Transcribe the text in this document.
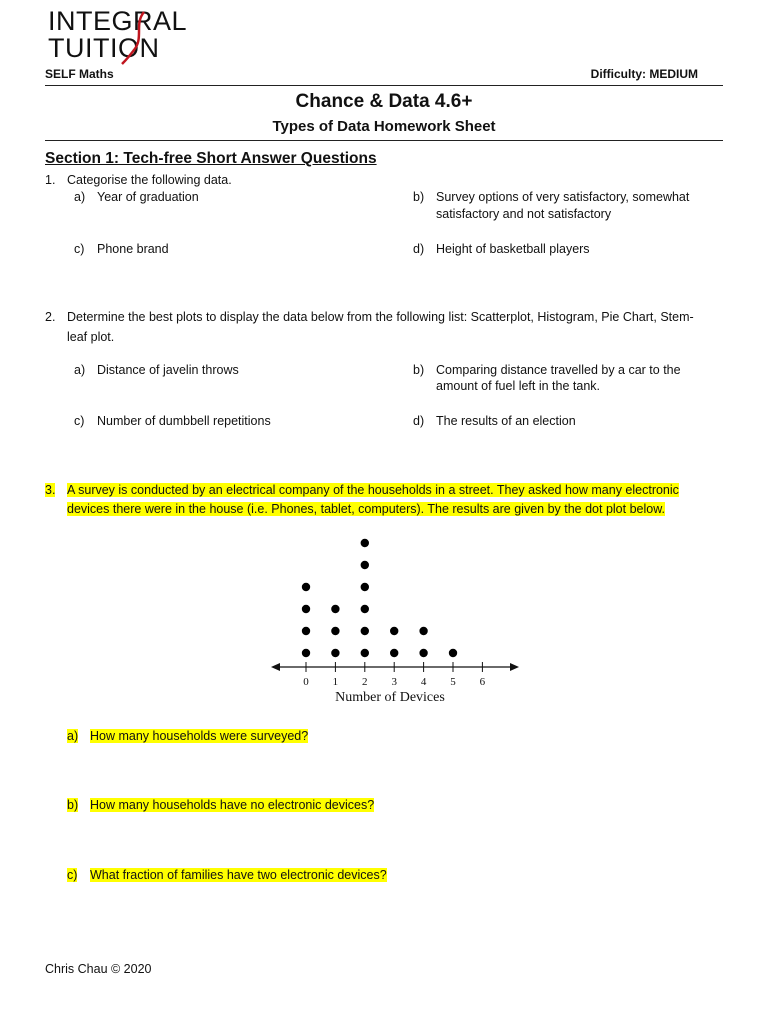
INTEGRAL
TUITION
SELF Maths	Difficulty: MEDIUM
Chance & Data 4.6+
Types of Data Homework Sheet
Section 1: Tech-free Short Answer Questions
1. Categorise the following data.
a) Year of graduation	b) Survey options of very satisfactory, somewhat
satisfactory and not satisfactory
c) Phone brand	d) Height of basketball players
2. Determine the best plots to display the data below from the following list: Scatterplot, Histogram, Pie Chart, Stem-
leaf plot.
a) Distance of javelin throws	b) Comparing distance travelled by a car to the
amount of fuel left in the tank.
c) Number of dumbbell repetitions	d) The results of an election
3. A survey is conducted by an electrical company of the households in a street. They asked how many electronic
devices there were in the house (i.e. Phones, tablet, computers). The results are given by the dot plot below.
0 1 2 3 4 5 6
Number of Devices
a) How many households were surveyed?
b) How many households have no electronic devices?
c) What fraction of families have two electronic devices?
Chris Chau © 2020
